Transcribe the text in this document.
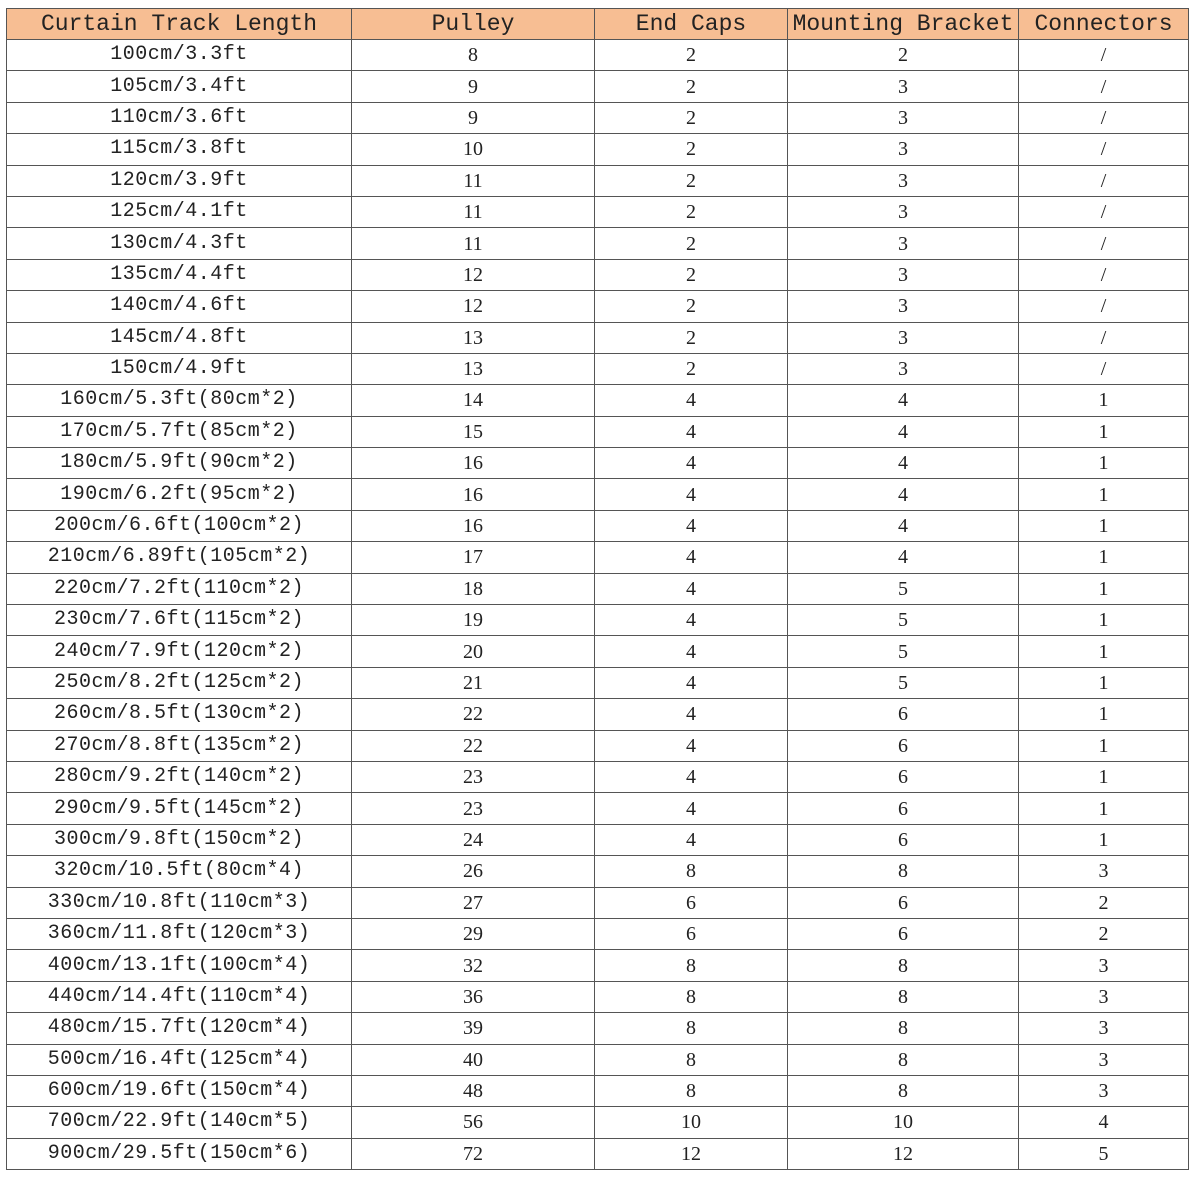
Curtain Track Length	Pulley	End Caps	Mounting Bracket	Connectors
100cm/3.3ft	8	2	2	/
105cm/3.4ft	9	2	3	/
110cm/3.6ft	9	2	3	/
115cm/3.8ft	10	2	3	/
120cm/3.9ft	11	2	3	/
125cm/4.1ft	11	2	3	/
130cm/4.3ft	11	2	3	/
135cm/4.4ft	12	2	3	/
140cm/4.6ft	12	2	3	/
145cm/4.8ft	13	2	3	/
150cm/4.9ft	13	2	3	/
160cm/5.3ft(80cm*2)	14	4	4	1
170cm/5.7ft(85cm*2)	15	4	4	1
180cm/5.9ft(90cm*2)	16	4	4	1
190cm/6.2ft(95cm*2)	16	4	4	1
200cm/6.6ft(100cm*2)	16	4	4	1
210cm/6.89ft(105cm*2)	17	4	4	1
220cm/7.2ft(110cm*2)	18	4	5	1
230cm/7.6ft(115cm*2)	19	4	5	1
240cm/7.9ft(120cm*2)	20	4	5	1
250cm/8.2ft(125cm*2)	21	4	5	1
260cm/8.5ft(130cm*2)	22	4	6	1
270cm/8.8ft(135cm*2)	22	4	6	1
280cm/9.2ft(140cm*2)	23	4	6	1
290cm/9.5ft(145cm*2)	23	4	6	1
300cm/9.8ft(150cm*2)	24	4	6	1
320cm/10.5ft(80cm*4)	26	8	8	3
330cm/10.8ft(110cm*3)	27	6	6	2
360cm/11.8ft(120cm*3)	29	6	6	2
400cm/13.1ft(100cm*4)	32	8	8	3
440cm/14.4ft(110cm*4)	36	8	8	3
480cm/15.7ft(120cm*4)	39	8	8	3
500cm/16.4ft(125cm*4)	40	8	8	3
600cm/19.6ft(150cm*4)	48	8	8	3
700cm/22.9ft(140cm*5)	56	10	10	4
900cm/29.5ft(150cm*6)	72	12	12	5
